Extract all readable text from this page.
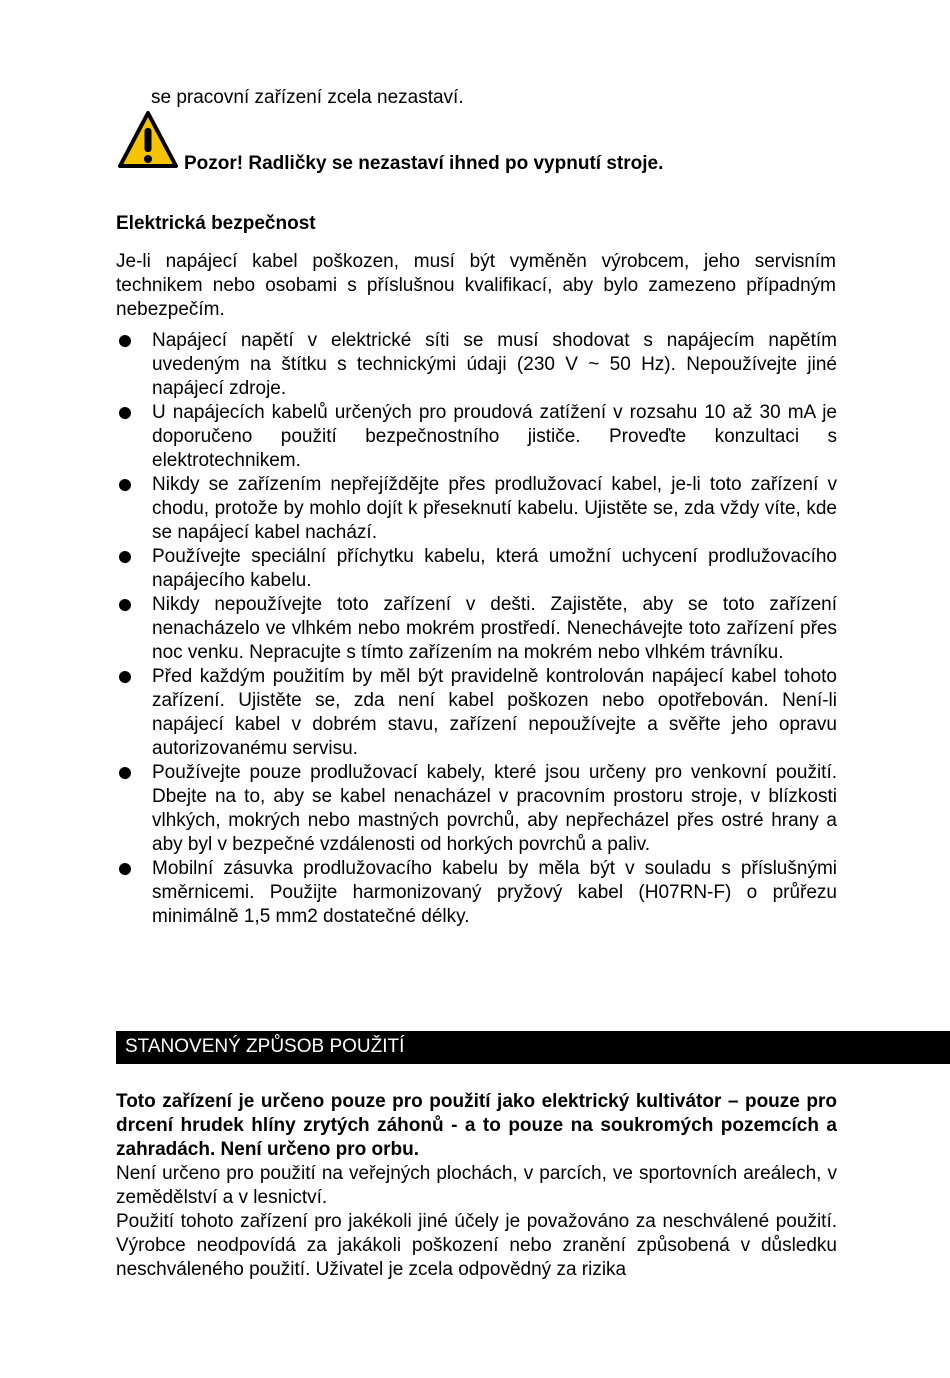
se pracovní zařízení zcela nezastaví.
Pozor! Radličky se nezastaví ihned po vypnutí stroje.
Elektrická bezpečnost
Je-li napájecí kabel poškozen, musí být vyměněn výrobcem, jeho servisním technikem nebo osobami s příslušnou kvalifikací, aby bylo zamezeno případným nebezpečím.
Napájecí napětí v elektrické síti se musí shodovat s napájecím napětím uvedeným na štítku s technickými údaji (230 V ~ 50 Hz). Nepoužívejte jiné napájecí zdroje.
U napájecích kabelů určených pro proudová zatížení v rozsahu 10 až 30 mA je doporučeno použití bezpečnostního jističe. Proveďte konzultaci s elektrotechnikem.
Nikdy se zařízením nepřejíždějte přes prodlužovací kabel, je-li toto zařízení v chodu, protože by mohlo dojít k přeseknutí kabelu. Ujistěte se, zda vždy víte, kde se napájecí kabel nachází.
Používejte speciální příchytku kabelu, která umožní uchycení prodlužovacího napájecího kabelu.
Nikdy nepoužívejte toto zařízení v dešti. Zajistěte, aby se toto zařízení nenacházelo ve vlhkém nebo mokrém prostředí. Nenechávejte toto zařízení přes noc venku. Nepracujte s tímto zařízením na mokrém nebo vlhkém trávníku.
Před každým použitím by měl být pravidelně kontrolován napájecí kabel tohoto zařízení. Ujistěte se, zda není kabel poškozen nebo opotřebován. Není-li napájecí kabel v dobrém stavu, zařízení nepoužívejte a svěřte jeho opravu autorizovanému servisu.
Používejte pouze prodlužovací kabely, které jsou určeny pro venkovní použití. Dbejte na to, aby se kabel nenacházel v pracovním prostoru stroje, v blízkosti vlhkých, mokrých nebo mastných povrchů, aby nepřecházel přes ostré hrany a aby byl v bezpečné vzdálenosti od horkých povrchů a paliv.
Mobilní zásuvka prodlužovacího kabelu by měla být v souladu s příslušnými směrnicemi. Použijte harmonizovaný pryžový kabel (H07RN-F) o průřezu minimálně 1,5 mm2 dostatečné délky.
STANOVENÝ ZPŮSOB POUŽITÍ

Toto zařízení je určeno pouze pro použití jako elektrický kultivátor – pouze pro drcení hrudek hlíny zrytých záhonů - a to pouze na soukromých pozemcích a zahradách. Není určeno pro orbu.

Není určeno pro použití na veřejných plochách, v parcích, ve sportovních areálech, v zemědělství a v lesnictví.

Použití tohoto zařízení pro jakékoli jiné účely je považováno za neschválené použití. Výrobce neodpovídá za jakákoli poškození nebo zranění způsobená v důsledku neschváleného použití. Uživatel je zcela odpovědný za rizika
